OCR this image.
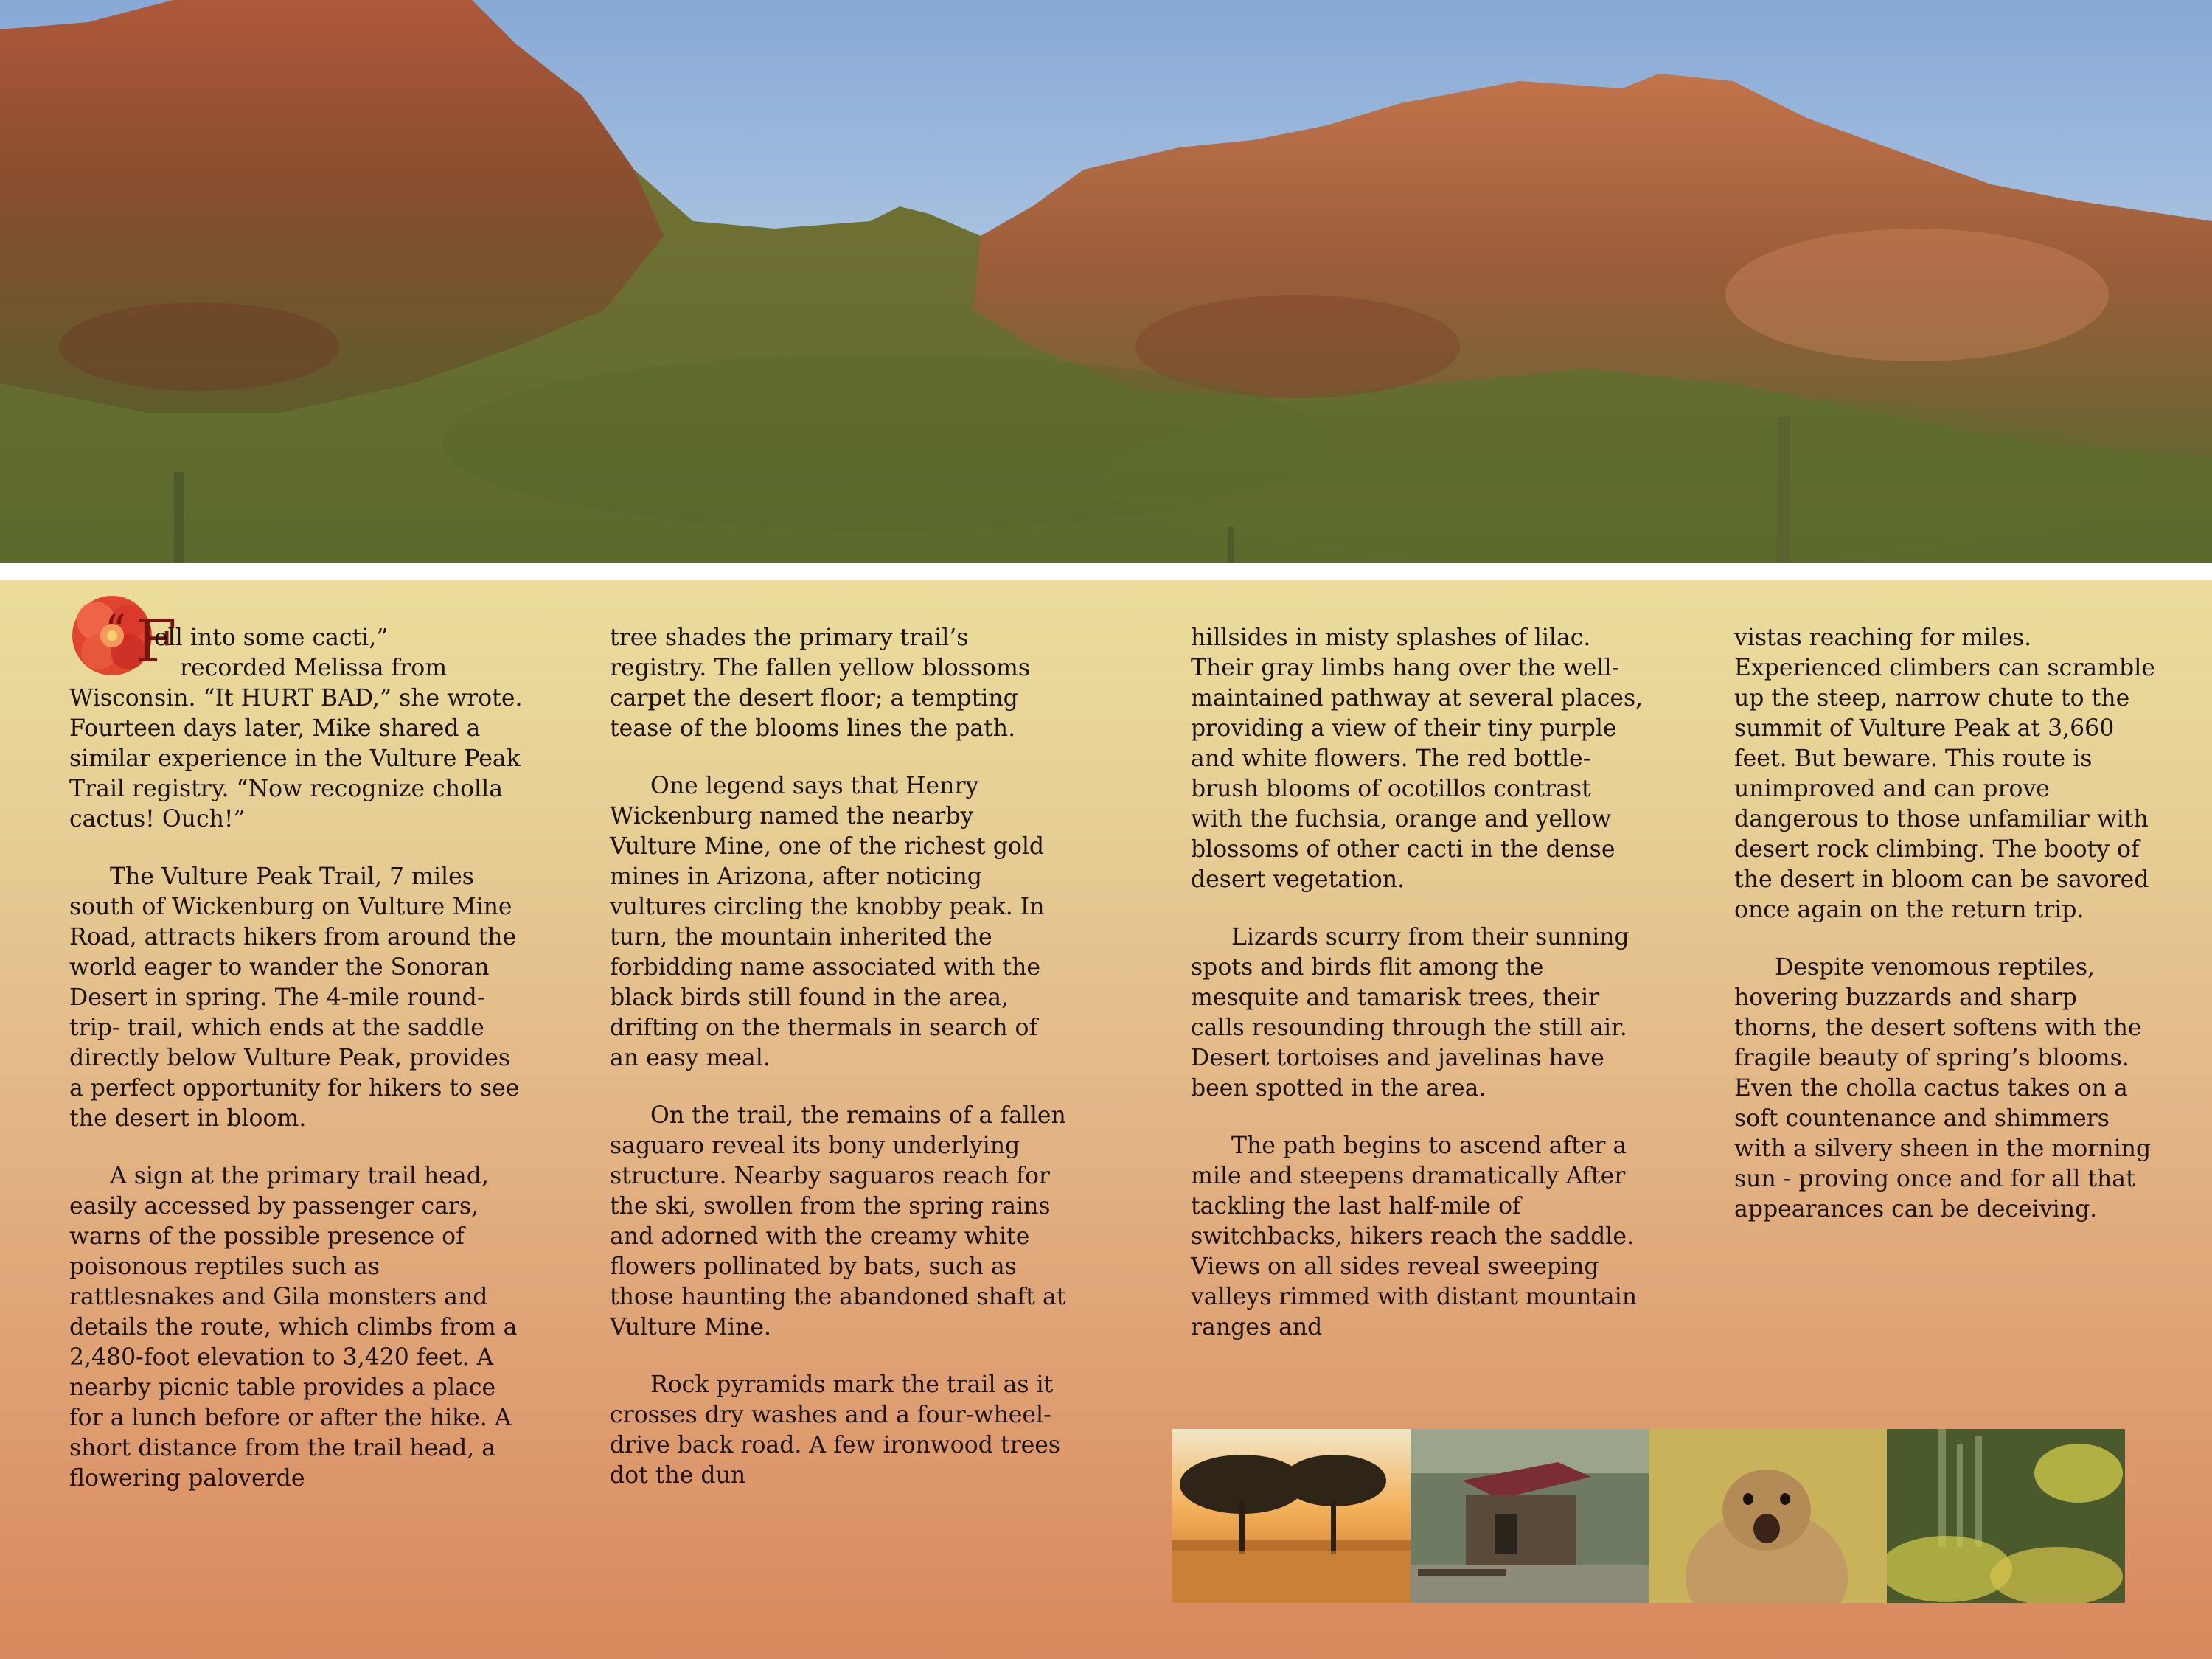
“ F

ell into some cacti,”
recorded Melissa from
Wisconsin. “It HURT BAD,” she wrote. Fourteen days later, Mike shared a similar experience in the Vulture Peak Trail registry. “Now recognize cholla cactus! Ouch!”

The Vulture Peak Trail, 7 miles south of Wickenburg on Vulture Mine Road, attracts hikers from around the world eager to wander the Sonoran Desert in spring. The 4-mile round-trip- trail, which ends at the saddle directly below Vulture Peak, provides a perfect opportunity for hikers to see the desert in bloom.

A sign at the primary trail head, easily accessed by passenger cars, warns of the possible presence of poisonous reptiles such as rattlesnakes and Gila monsters and details the route, which climbs from a 2,480-foot elevation to 3,420 feet. A nearby picnic table provides a place for a lunch before or after the hike. A short distance from the trail head, a flowering paloverde

tree shades the primary trail’s registry. The fallen yellow blossoms carpet the desert floor; a tempting tease of the blooms lines the path.

One legend says that Henry Wickenburg named the nearby Vulture Mine, one of the richest gold mines in Arizona, after noticing vultures circling the knobby peak. In turn, the mountain inherited the forbidding name associated with the black birds still found in the area, drifting on the thermals in search of an easy meal.

On the trail, the remains of a fallen saguaro reveal its bony underlying structure. Nearby saguaros reach for the ski, swollen from the spring rains and adorned with the creamy white flowers pollinated by bats, such as those haunting the abandoned shaft at Vulture Mine.

Rock pyramids mark the trail as it crosses dry washes and a four-wheel-drive back road. A few ironwood trees dot the dun

hillsides in misty splashes of lilac. Their gray limbs hang over the well-maintained pathway at several places, providing a view of their tiny purple and white flowers. The red bottle-brush blooms of ocotillos contrast with the fuchsia, orange and yellow blossoms of other cacti in the dense desert vegetation.

Lizards scurry from their sunning spots and birds flit among the mesquite and tamarisk trees, their calls resounding through the still air. Desert tortoises and javelinas have been spotted in the area.

The path begins to ascend after a mile and steepens dramatically After tackling the last half-mile of switchbacks, hikers reach the saddle. Views on all sides reveal sweeping valleys rimmed with distant mountain ranges and

vistas reaching for miles. Experienced climbers can scramble up the steep, narrow chute to the summit of Vulture Peak at 3,660 feet. But beware. This route is unimproved and can prove dangerous to those unfamiliar with desert rock climbing. The booty of the desert in bloom can be savored once again on the return trip.

Despite venomous reptiles, hovering buzzards and sharp thorns, the desert softens with the fragile beauty of spring’s blooms. Even the cholla cactus takes on a soft countenance and shimmers with a silvery sheen in the morning sun - proving once and for all that appearances can be deceiving.
